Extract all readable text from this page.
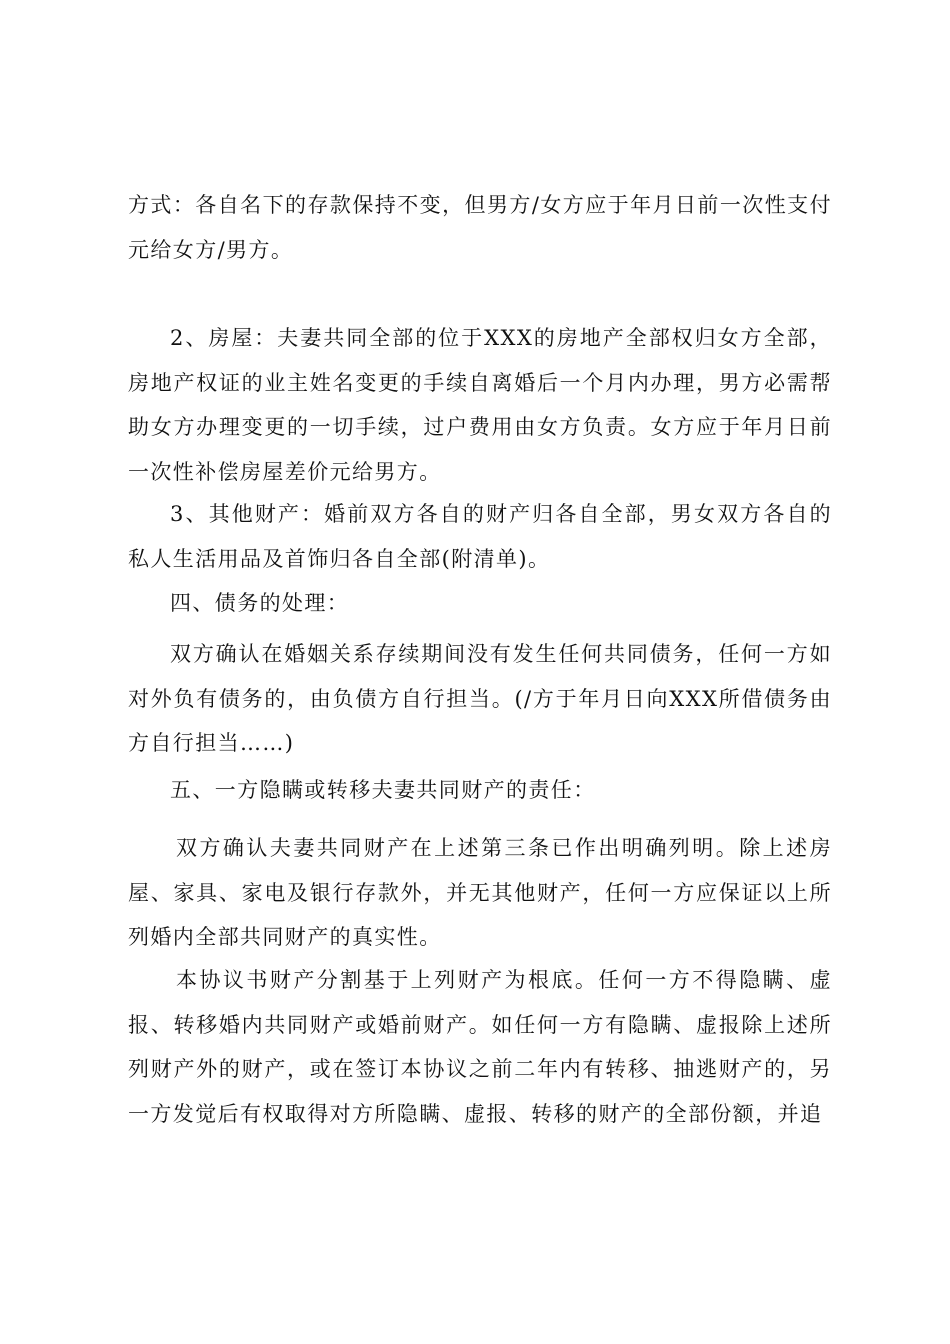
方式：各自名下的存款保持不变，但男方/女方应于年月日前一次性支付元给女方/男方。

2、房屋：夫妻共同全部的位于XXX的房地产全部权归女方全部，房地产权证的业主姓名变更的手续自离婚后一个月内办理，男方必需帮助女方办理变更的一切手续，过户费用由女方负责。女方应于年月日前一次性补偿房屋差价元给男方。

3、其他财产：婚前双方各自的财产归各自全部，男女双方各自的私人生活用品及首饰归各自全部(附清单)。

四、债务的处理：

双方确认在婚姻关系存续期间没有发生任何共同债务，任何一方如对外负有债务的，由负债方自行担当。(/方于年月日向XXX所借债务由方自行担当……)

五、一方隐瞒或转移夫妻共同财产的责任：

双方确认夫妻共同财产在上述第三条已作出明确列明。除上述房屋、家具、家电及银行存款外，并无其他财产，任何一方应保证以上所列婚内全部共同财产的真实性。

本协议书财产分割基于上列财产为根底。任何一方不得隐瞒、虚报、转移婚内共同财产或婚前财产。如任何一方有隐瞒、虚报除上述所列财产外的财产，或在签订本协议之前二年内有转移、抽逃财产的，另一方发觉后有权取得对方所隐瞒、虚报、转移的财产的全部份额，并追
